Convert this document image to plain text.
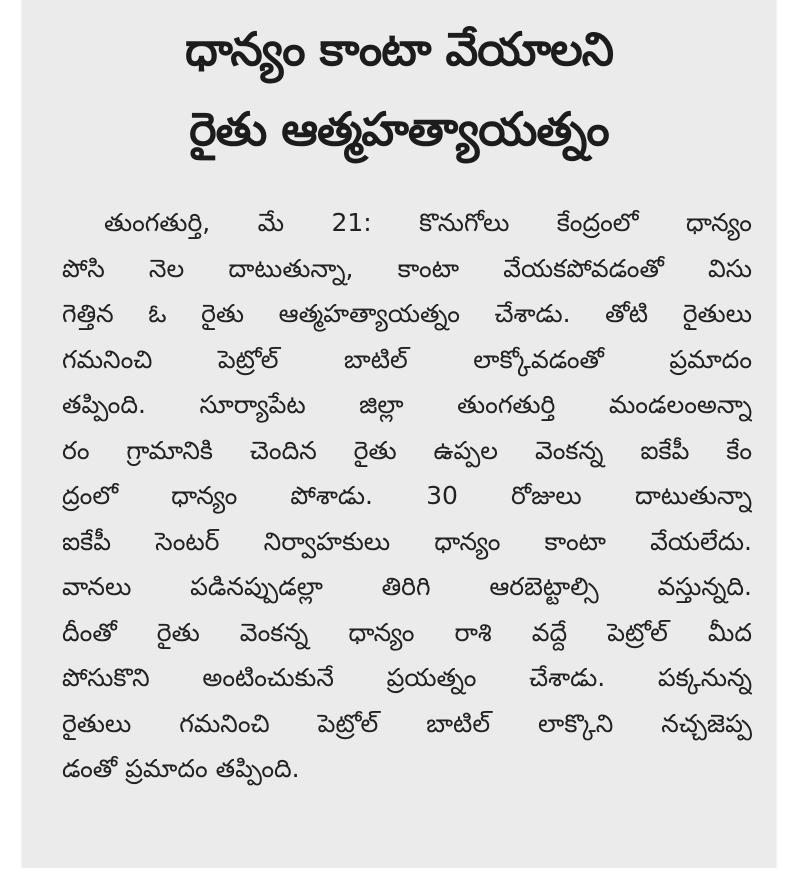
ధాన్యం కాంటా వేయాలని
రైతు ఆత్మహత్యాయత్నం
తుంగతుర్తి, మే 21: కొనుగోలు కేంద్రంలో ధాన్యం
పోసి నెల దాటుతున్నా, కాంటా వేయకపోవడంతో విసు
గెత్తిన ఓ రైతు ఆత్మహత్యాయత్నం చేశాడు. తోటి రైతులు
గమనించి పెట్రోల్ బాటిల్ లాక్కోవడంతో ప్రమాదం
తప్పింది. సూర్యాపేట జిల్లా తుంగతుర్తి మండలంఅన్నా
రం గ్రామానికి చెందిన రైతు ఉప్పల వెంకన్న ఐకేపీ కేం
ద్రంలో ధాన్యం పోశాడు. 30 రోజులు దాటుతున్నా
ఐకేపీ సెంటర్ నిర్వాహకులు ధాన్యం కాంటా వేయలేదు.
వానలు పడినప్పుడల్లా తిరిగి ఆరబెట్టాల్సి వస్తున్నది.
దీంతో రైతు వెంకన్న ధాన్యం రాశి వద్దే పెట్రోల్ మీద
పోసుకొని అంటించుకునే ప్రయత్నం చేశాడు. పక్కనున్న
రైతులు గమనించి పెట్రోల్ బాటిల్ లాక్కొని నచ్చజెప్ప
డంతో ప్రమాదం తప్పింది.
